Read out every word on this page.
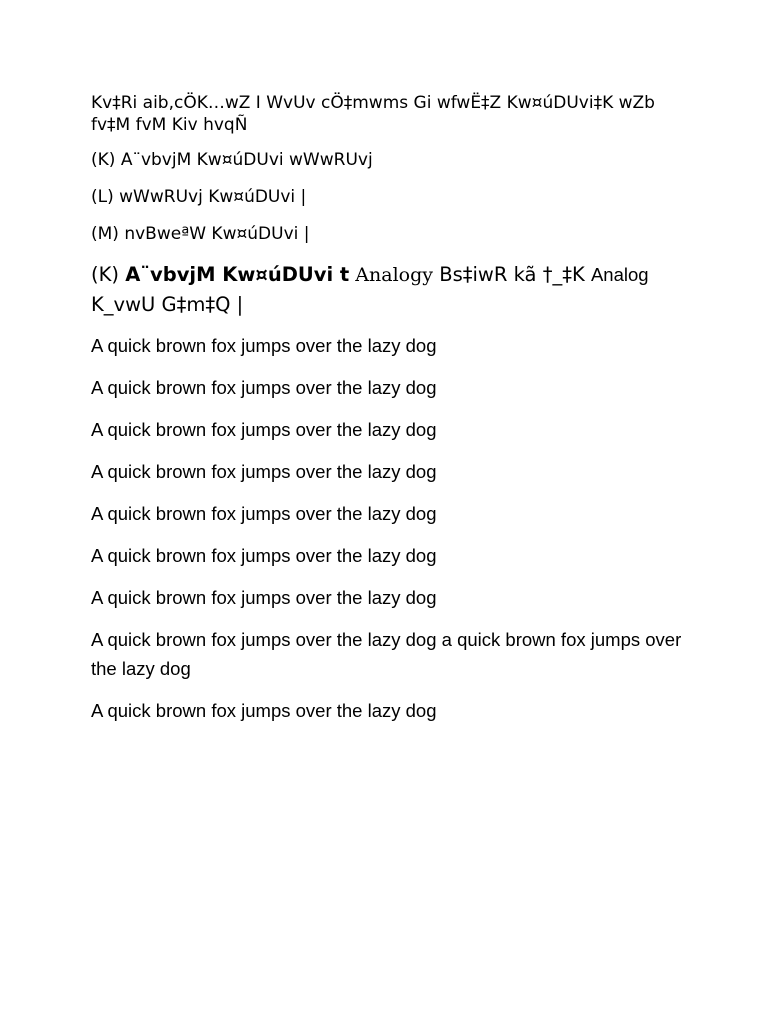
Kv‡Ri aib,cÖK…wZ I WvUv cÖ‡mwms Gi wfwË‡Z Kw¤úDUvi‡K wZb fv‡M fvM Kiv hvqÑ

(K) A¨vbvjM Kw¤úDUvi wWwRUvj

(L) wWwRUvj Kw¤úDUvi |

(M) nvBweªW Kw¤úDUvi |

(K) A¨vbvjM Kw¤úDUvi t Analogy Bs‡iwR kã †_‡K Analog K_vwU G‡m‡Q |

A quick brown fox jumps over the lazy dog

A quick brown fox jumps over the lazy dog

A quick brown fox jumps over the lazy dog

A quick brown fox jumps over the lazy dog

A quick brown fox jumps over the lazy dog

A quick brown fox jumps over the lazy dog

A quick brown fox jumps over the lazy dog

A quick brown fox jumps over the lazy dog a quick brown fox jumps over the lazy dog

A quick brown fox jumps over the lazy dog
